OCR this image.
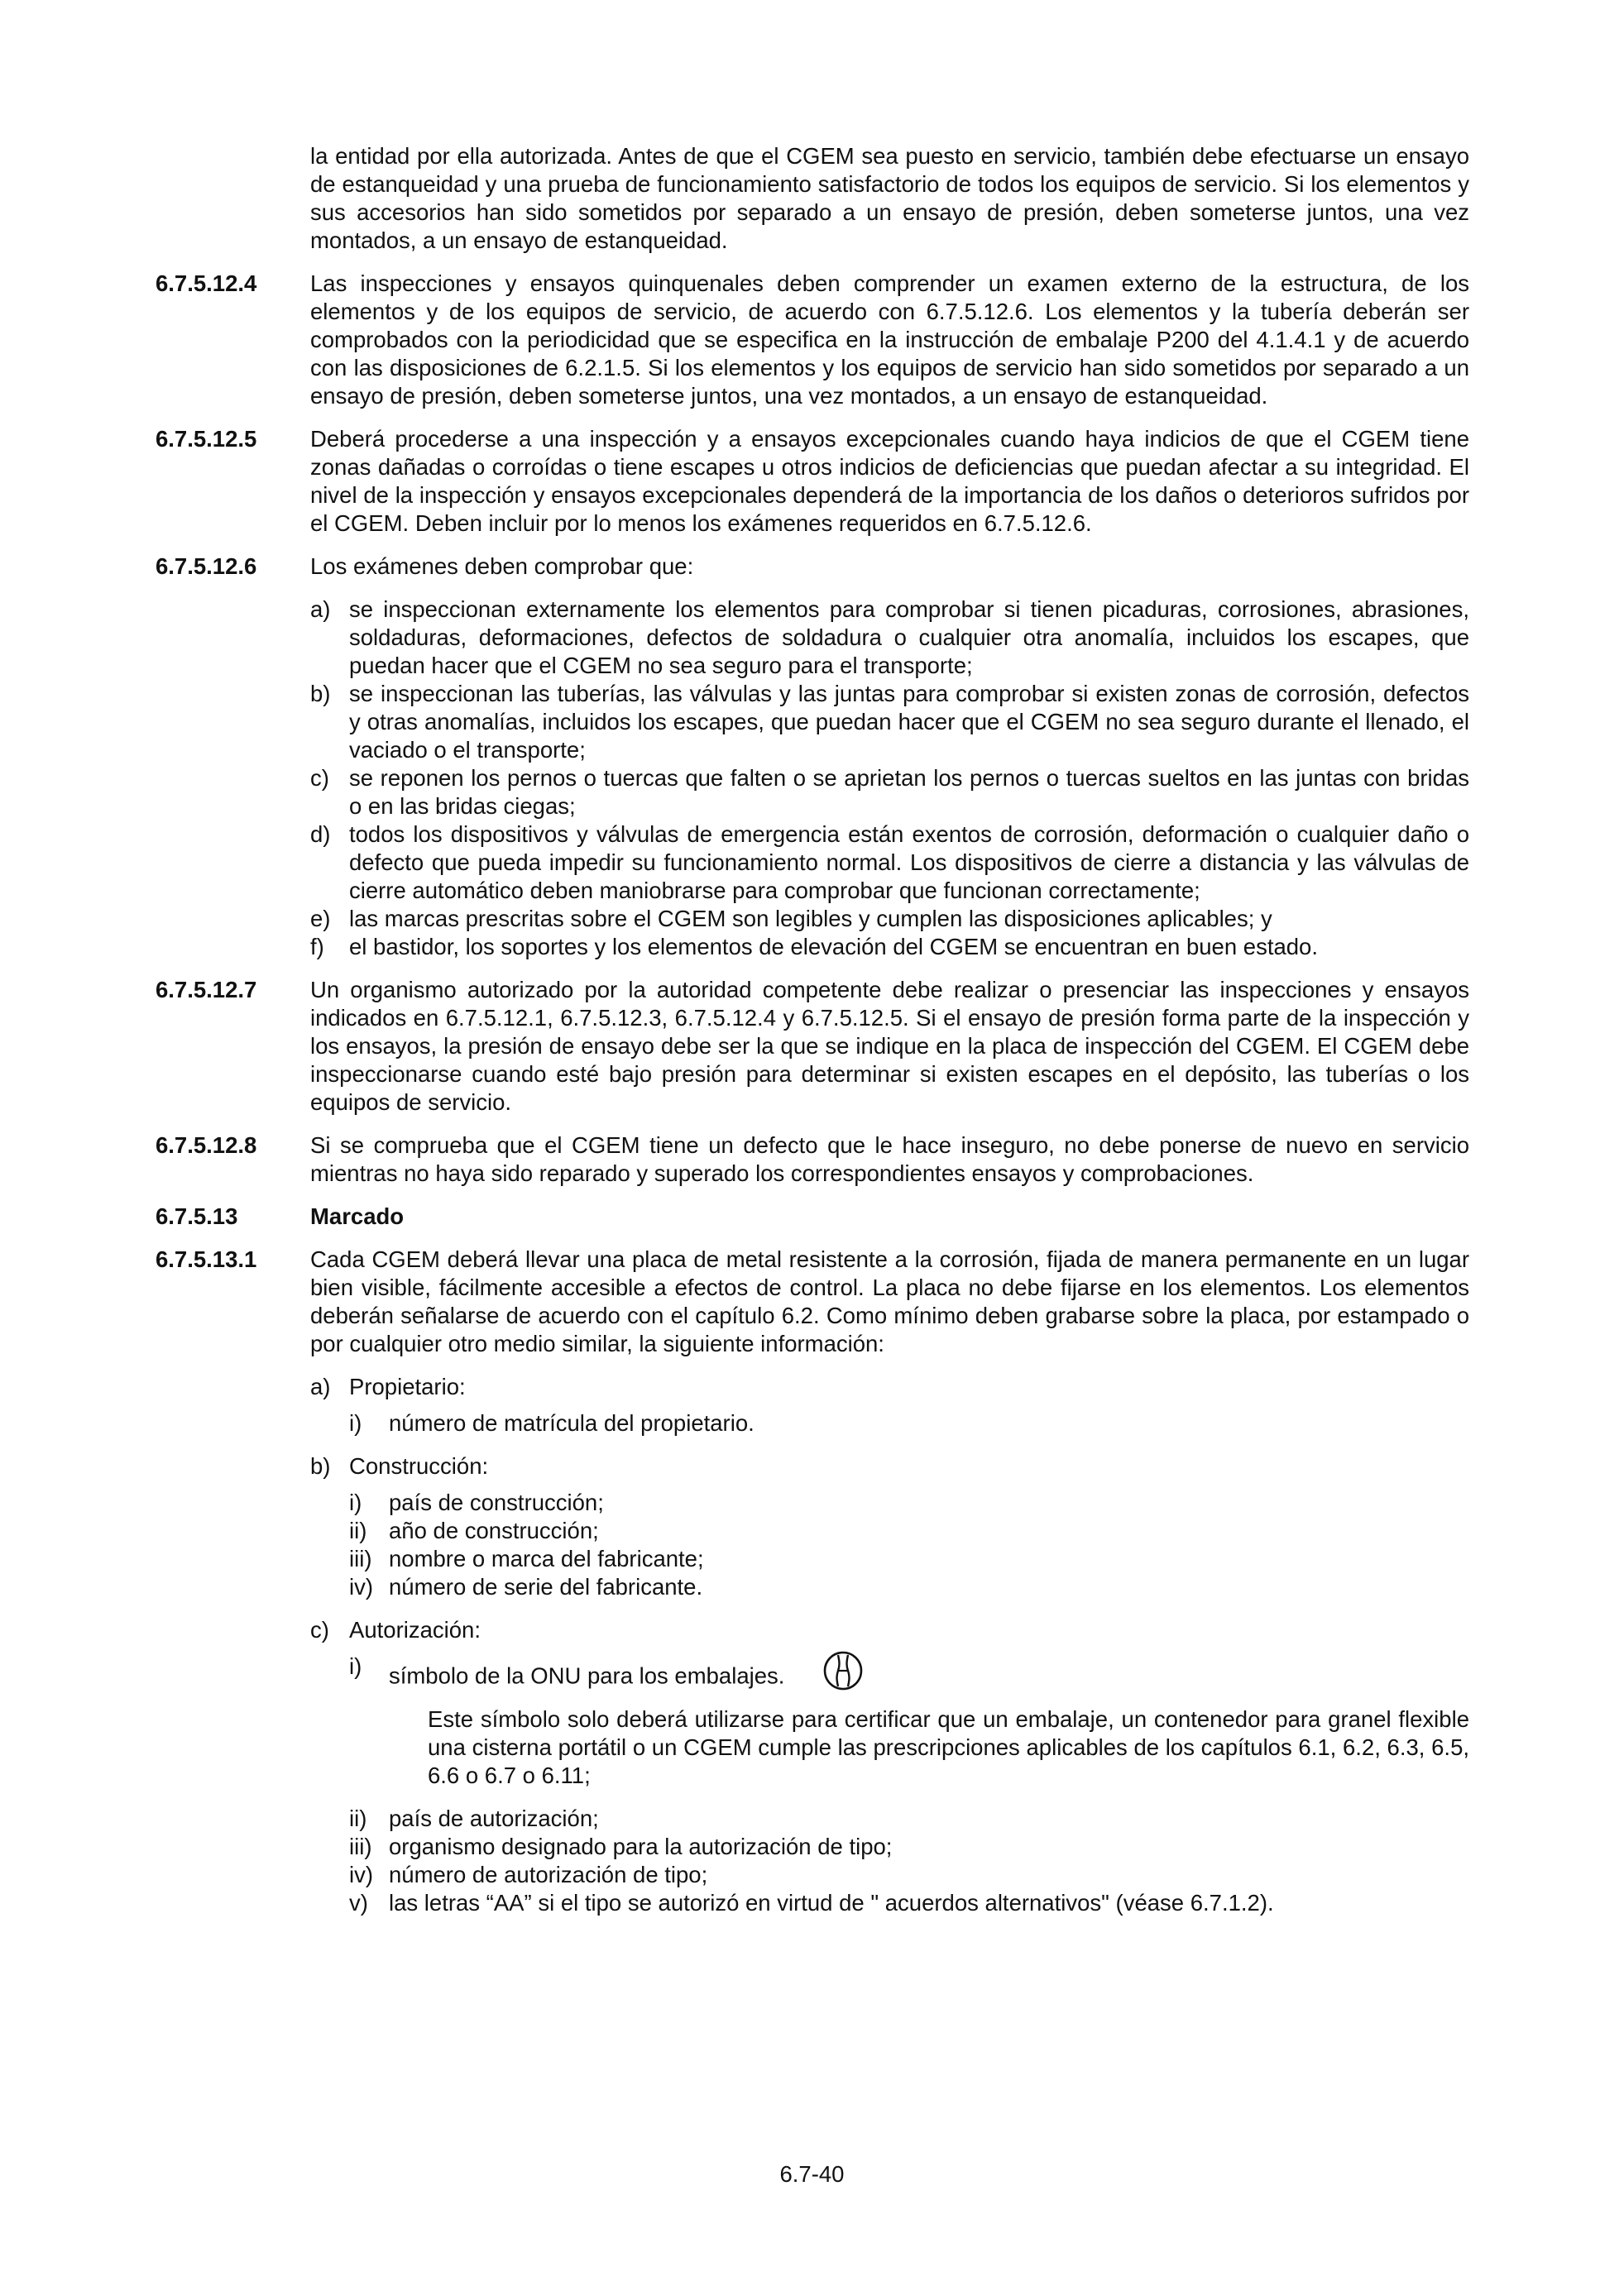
la entidad por ella autorizada. Antes de que el CGEM sea puesto en servicio, también debe efectuarse un ensayo de estanqueidad y una prueba de funcionamiento satisfactorio de todos los equipos de servicio. Si los elementos y sus accesorios han sido sometidos por separado a un ensayo de presión, deben someterse juntos, una vez montados, a un ensayo de estanqueidad.
6.7.5.12.4 Las inspecciones y ensayos quinquenales deben comprender un examen externo de la estructura, de los elementos y de los equipos de servicio, de acuerdo con 6.7.5.12.6. Los elementos y la tubería deberán ser comprobados con la periodicidad que se especifica en la instrucción de embalaje P200 del 4.1.4.1 y de acuerdo con las disposiciones de 6.2.1.5. Si los elementos y los equipos de servicio han sido sometidos por separado a un ensayo de presión, deben someterse juntos, una vez montados, a un ensayo de estanqueidad.
6.7.5.12.5 Deberá procederse a una inspección y a ensayos excepcionales cuando haya indicios de que el CGEM tiene zonas dañadas o corroídas o tiene escapes u otros indicios de deficiencias que puedan afectar a su integridad. El nivel de la inspección y ensayos excepcionales dependerá de la importancia de los daños o deterioros sufridos por el CGEM. Deben incluir por lo menos los exámenes requeridos en 6.7.5.12.6.
6.7.5.12.6 Los exámenes deben comprobar que:
a) se inspeccionan externamente los elementos para comprobar si tienen picaduras, corrosiones, abrasiones, soldaduras, deformaciones, defectos de soldadura o cualquier otra anomalía, incluidos los escapes, que puedan hacer que el CGEM no sea seguro para el transporte;
b) se inspeccionan las tuberías, las válvulas y las juntas para comprobar si existen zonas de corrosión, defectos y otras anomalías, incluidos los escapes, que puedan hacer que el CGEM no sea seguro durante el llenado, el vaciado o el transporte;
c) se reponen los pernos o tuercas que falten o se aprietan los pernos o tuercas sueltos en las juntas con bridas o en las bridas ciegas;
d) todos los dispositivos y válvulas de emergencia están exentos de corrosión, deformación o cualquier daño o defecto que pueda impedir su funcionamiento normal. Los dispositivos de cierre a distancia y las válvulas de cierre automático deben maniobrarse para comprobar que funcionan correctamente;
e) las marcas prescritas sobre el CGEM son legibles y cumplen las disposiciones aplicables; y
f) el bastidor, los soportes y los elementos de elevación del CGEM se encuentran en buen estado.
6.7.5.12.7 Un organismo autorizado por la autoridad competente debe realizar o presenciar las inspecciones y ensayos indicados en 6.7.5.12.1, 6.7.5.12.3, 6.7.5.12.4 y 6.7.5.12.5. Si el ensayo de presión forma parte de la inspección y los ensayos, la presión de ensayo debe ser la que se indique en la placa de inspección del CGEM. El CGEM debe inspeccionarse cuando esté bajo presión para determinar si existen escapes en el depósito, las tuberías o los equipos de servicio.
6.7.5.12.8 Si se comprueba que el CGEM tiene un defecto que le hace inseguro, no debe ponerse de nuevo en servicio mientras no haya sido reparado y superado los correspondientes ensayos y comprobaciones.
6.7.5.13	Marcado
6.7.5.13.1 Cada CGEM deberá llevar una placa de metal resistente a la corrosión, fijada de manera permanente en un lugar bien visible, fácilmente accesible a efectos de control. La placa no debe fijarse en los elementos. Los elementos deberán señalarse de acuerdo con el capítulo 6.2. Como mínimo deben grabarse sobre la placa, por estampado o por cualquier otro medio similar, la siguiente información:
a) Propietario:
i) número de matrícula del propietario.
b) Construcción:
i) país de construcción;
ii) año de construcción;
iii) nombre o marca del fabricante;
iv) número de serie del fabricante.
c) Autorización:
i) símbolo de la ONU para los embalajes.
Este símbolo solo deberá utilizarse para certificar que un embalaje, un contenedor para granel flexible una cisterna portátil o un CGEM cumple las prescripciones aplicables de los capítulos 6.1, 6.2, 6.3, 6.5, 6.6 o 6.7 o 6.11;
ii) país de autorización;
iii) organismo designado para la autorización de tipo;
iv) número de autorización de tipo;
v) las letras “AA” si el tipo se autorizó en virtud de " acuerdos alternativos" (véase 6.7.1.2).
6.7-40
